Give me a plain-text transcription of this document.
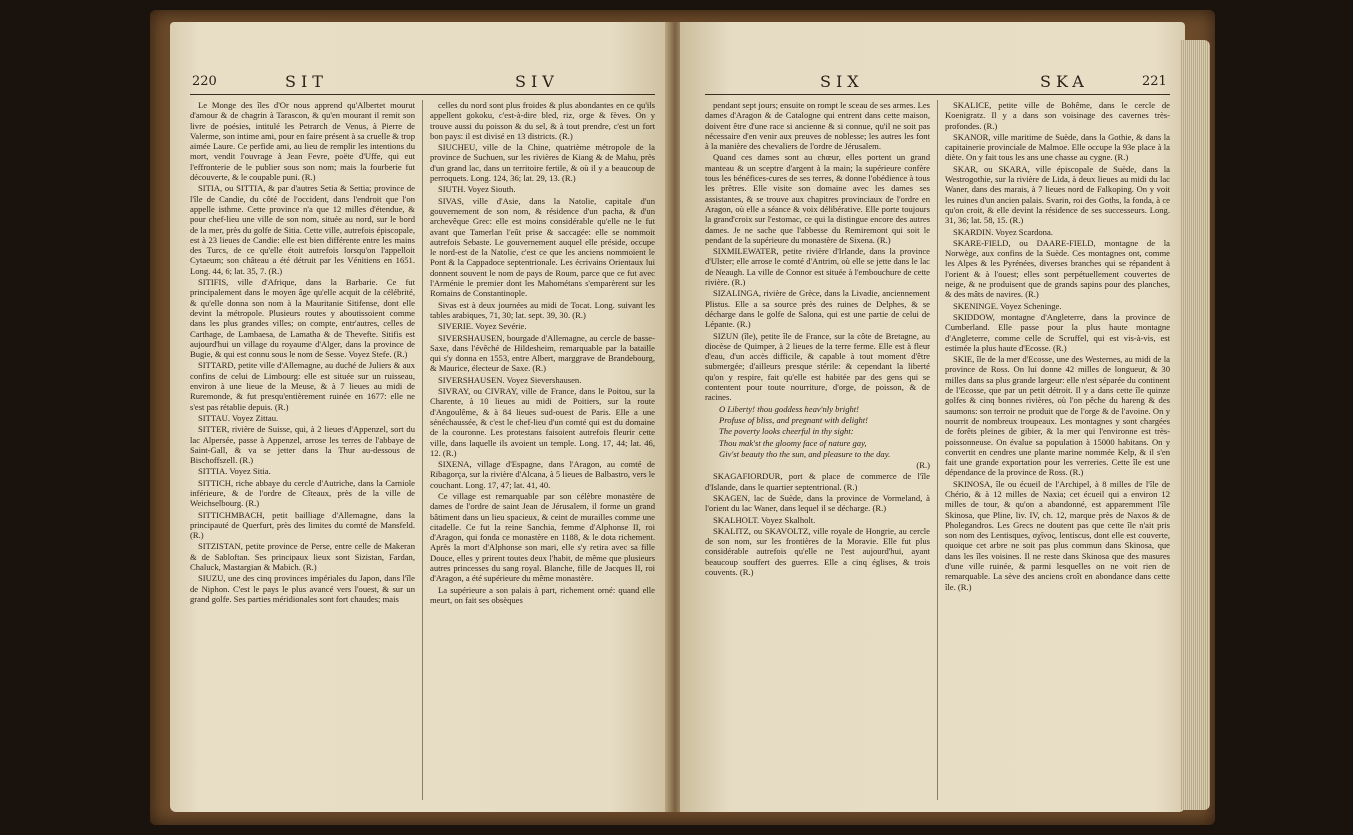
220	SIT	SIV

Le Monge des îles d'Or nous apprend qu'Albertet mourut d'amour & de chagrin à Tarascon, & qu'en mourant il remit son livre de poésies, intitulé les Petrarch de Venus, à Pierre de Valerme, son intime ami, pour en faire présent à sa cruelle & trop aimée Laure. Ce perfide ami, au lieu de remplir les intentions du mort, vendit l'ouvrage à Jean Fevre, poëte d'Uffe, qui eut l'effronterie de le publier sous son nom; mais la fourberie fut découverte, & le coupable puni. (R.)

SITIA, ou SITTIA, & par d'autres Setia & Settia; province de l'île de Candie, du côté de l'occident, dans l'endroit que l'on appelle isthme. Cette province n'a que 12 milles d'étendue, & pour chef-lieu une ville de son nom, située au nord, sur le bord de la mer, près du golfe de Sitia. Cette ville, autrefois épiscopale, est à 23 lieues de Candie: elle est bien différente entre les mains des Turcs, de ce qu'elle étoit autrefois lorsqu'on l'appelloit Cytaeum; son château a été détruit par les Vénitiens en 1651. Long. 44, 6; lat. 35, 7. (R.)

SITIFIS, ville d'Afrique, dans la Barbarie. Ce fut principalement dans le moyen âge qu'elle acquit de la célébrité, & qu'elle donna son nom à la Mauritanie Sitifense, dont elle devint la métropole. Plusieurs routes y aboutissoient comme dans les plus grandes villes; on compte, entr'autres, celles de Carthage, de Lambaesa, de Lamatha & de Thevefte. Sitifis est aujourd'hui un village du royaume d'Alger, dans la province de Bugie, & qui est connu sous le nom de Sesse. Voyez Stefe. (R.)

SITTARD, petite ville d'Allemagne, au duché de Juliers & aux confins de celui de Limbourg: elle est située sur un ruisseau, environ à une lieue de la Meuse, & à 7 lieues au midi de Ruremonde, & fut presqu'entièrement ruinée en 1677: elle ne s'est pas rétablie depuis. (R.)

SITTAU. Voyez Zittau.

SITTER, rivière de Suisse, qui, à 2 lieues d'Appenzel, sort du lac Alpersée, passe à Appenzel, arrose les terres de l'abbaye de Saint-Gall, & va se jetter dans la Thur au-dessous de Bischoffszell. (R.)

SITTIA. Voyez Sitia.

SITTICH, riche abbaye du cercle d'Autriche, dans la Carniole inférieure, & de l'ordre de Cîteaux, près de la ville de Weichselbourg. (R.)

SITTICHMBACH, petit bailliage d'Allemagne, dans la principauté de Querfurt, près des limites du comté de Mansfeld. (R.)

SITZISTAN, petite province de Perse, entre celle de Makeran & de Sabloftan. Ses principaux lieux sont Sizistan, Fardan, Chaluck, Mastargian & Mabich. (R.)

SIUZU, une des cinq provinces impériales du Japon, dans l'île de Niphon. C'est le pays le plus avancé vers l'ouest, & sur un grand golfe. Ses parties méridionales sont fort chaudes; mais

celles du nord sont plus froides & plus abondantes en ce qu'ils appellent gokoku, c'est-à-dire bled, riz, orge & fèves. On y trouve aussi du poisson & du sel, & à tout prendre, c'est un fort bon pays: il est divisé en 13 districts. (R.)

SIUCHEU, ville de la Chine, quatrième métropole de la province de Suchuen, sur les rivières de Kiang & de Mahu, près d'un grand lac, dans un territoire fertile, & où il y a beaucoup de perroquets. Long. 124, 36; lat. 29, 13. (R.)

SIUTH. Voyez Siouth.

SIVAS, ville d'Asie, dans la Natolie, capitale d'un gouvernement de son nom, & résidence d'un pacha, & d'un archevêque Grec: elle est moins considérable qu'elle ne le fut avant que Tamerlan l'eût prise & saccagée: elle se nommoit autrefois Sebaste. Le gouvernement auquel elle préside, occupe le nord-est de la Natolie, c'est ce que les anciens nommoient le Pont & la Cappadoce septentrionale. Les écrivains Orientaux lui donnent souvent le nom de pays de Roum, parce que ce fut avec l'Arménie le premier dont les Mahométans s'emparèrent sur les Romains de Constantinople.

Sivas est à deux journées au midi de Tocat. Long. suivant les tables arabiques, 71, 30; lat. sept. 39, 30. (R.)

SIVERIE. Voyez Sevérie.

SIVERSHAUSEN, bourgade d'Allemagne, au cercle de basse-Saxe, dans l'évêché de Hildesheim, remarquable par la bataille qui s'y donna en 1553, entre Albert, marggrave de Brandebourg, & Maurice, électeur de Saxe. (R.)

SIVERSHAUSEN. Voyez Sievershausen.

SIVRAY, ou CIVRAY, ville de France, dans le Poitou, sur la Charente, à 10 lieues au midi de Poitiers, sur la route d'Angoulême, & à 84 lieues sud-ouest de Paris. Elle a une sénéchaussée, & c'est le chef-lieu d'un comté qui est du domaine de la couronne. Les protestans faisoient autrefois fleurir cette ville, dans laquelle ils avoient un temple. Long. 17, 44; lat. 46, 12. (R.)

SIXENA, village d'Espagne, dans l'Aragon, au comté de Ribagorça, sur la rivière d'Alcana, à 5 lieues de Balbastro, vers le couchant. Long. 17, 47; lat. 41, 40.

Ce village est remarquable par son célèbre monastère de dames de l'ordre de saint Jean de Jérusalem, il forme un grand bâtiment dans un lieu spacieux, & ceint de murailles comme une citadelle. Ce fut la reine Sanchia, femme d'Alphonse II, roi d'Aragon, qui fonda ce monastère en 1188, & le dota richement. Après la mort d'Alphonse son mari, elle s'y retira avec sa fille Douce, elles y prirent toutes deux l'habit, de même que plusieurs autres princesses du sang royal. Blanche, fille de Jacques II, roi d'Aragon, a été supérieure du même monastère.

La supérieure a son palais à part, richement orné: quand elle meurt, on fait ses obsèques

SIX	SKA	221

pendant sept jours; ensuite on rompt le sceau de ses armes. Les dames d'Aragon & de Catalogne qui entrent dans cette maison, doivent être d'une race si ancienne & si connue, qu'il ne soit pas nécessaire d'en venir aux preuves de noblesse; les autres les font à la manière des chevaliers de l'ordre de Jérusalem.

Quand ces dames sont au chœur, elles portent un grand manteau & un sceptre d'argent à la main; la supérieure confère tous les bénéfices-cures de ses terres, & donne l'obédience à tous les prêtres. Elle visite son domaine avec les dames ses assistantes, & se trouve aux chapitres provinciaux de l'ordre en Aragon, où elle a séance & voix délibérative. Elle porte toujours la grand'croix sur l'estomac, ce qui la distingue encore des autres dames. Je ne sache que l'abbesse du Remiremont qui soit le pendant de la supérieure du monastère de Sixena. (R.)

SIXMILEWATER, petite rivière d'Irlande, dans la province d'Ulster; elle arrose le comté d'Antrim, où elle se jette dans le lac de Neaugh. La ville de Connor est située à l'embouchure de cette rivière. (R.)

SIZALINGA, rivière de Grèce, dans la Livadie, anciennement Plistus. Elle a sa source près des ruines de Delphes, & se décharge dans le golfe de Salona, qui est une partie de celui de Lépante. (R.)

SIZUN (île), petite île de France, sur la côte de Bretagne, au diocèse de Quimper, à 2 lieues de la terre ferme. Elle est à fleur d'eau, d'un accès difficile, & capable à tout moment d'être submergée; d'ailleurs presque stérile: & cependant la liberté qu'on y respire, fait qu'elle est habitée par des gens qui se contentent pour toute nourriture, d'orge, de poisson, & de racines.

O Liberty! thou goddess heav'nly bright!

Profuse of bliss, and pregnant with delight!

The poverty looks cheerful in thy sight:

Thou mak'st the gloomy face of nature gay,

Giv'st beauty tho the sun, and pleasure to the day.

(R.)

SKAGAFIORDUR, port & place de commerce de l'île d'Islande, dans le quartier septentrional. (R.)

SKAGEN, lac de Suède, dans la province de Vormeland, à l'orient du lac Waner, dans lequel il se décharge. (R.)

SKALHOLT. Voyez Skalholt.

SKALITZ, ou SKAVOLTZ, ville royale de Hongrie, au cercle de son nom, sur les frontières de la Moravie. Elle fut plus considérable autrefois qu'elle ne l'est aujourd'hui, ayant beaucoup souffert des guerres. Elle a cinq églises, & trois couvents. (R.)

SKALICE, petite ville de Bohême, dans le cercle de Koenigratz. Il y a dans son voisinage des cavernes très-profondes. (R.)

SKANOR, ville maritime de Suède, dans la Gothie, & dans la capitainerie provinciale de Malmoe. Elle occupe la 93e place à la diète. On y fait tous les ans une chasse au cygne. (R.)

SKAR, ou SKARA, ville épiscopale de Suède, dans la Westrogothie, sur la rivière de Lida, à deux lieues au midi du lac Waner, dans des marais, à 7 lieues nord de Falkoping. On y voit les ruines d'un ancien palais. Svarin, roi des Goths, la fonda, à ce qu'on croit, & elle devint la résidence de ses successeurs. Long. 31, 36; lat. 58, 15. (R.)

SKARDIN. Voyez Scardona.

SKARE-FIELD, ou DAARE-FIELD, montagne de la Norwège, aux confins de la Suède. Ces montagnes ont, comme les Alpes & les Pyrénées, diverses branches qui se répandent à l'orient & à l'ouest; elles sont perpétuellement couvertes de neige, & ne produisent que de grands sapins pour des planches, & des mâts de navires. (R.)

SKENINGE. Voyez Scheninge.

SKIDDOW, montagne d'Angleterre, dans la province de Cumberland. Elle passe pour la plus haute montagne d'Angleterre, comme celle de Scruffel, qui est vis-à-vis, est estimée la plus haute d'Ecosse. (R.)

SKIE, île de la mer d'Ecosse, une des Westernes, au midi de la province de Ross. On lui donne 42 milles de longueur, & 30 milles dans sa plus grande largeur: elle n'est séparée du continent de l'Ecosse, que par un petit détroit. Il y a dans cette île quinze golfes & cinq bonnes rivières, où l'on pêche du hareng & des saumons: son terroir ne produit que de l'orge & de l'avoine. On y nourrit de nombreux troupeaux. Les montagnes y sont chargées de forêts pleines de gibier, & la mer qui l'environne est très-poissonneuse. On évalue sa population à 15000 habitans. On y convertit en cendres une plante marine nommée Kelp, & il s'en fait une grande exportation pour les verreries. Cette île est une dépendance de la province de Ross. (R.)

SKINOSA, île ou écueil de l'Archipel, à 8 milles de l'île de Chério, & à 12 milles de Naxia; cet écueil qui a environ 12 milles de tour, & qu'on a abandonné, est apparemment l'île Skinosa, que Pline, liv. IV, ch. 12, marque près de Naxos & de Pholegandros. Les Grecs ne doutent pas que cette île n'ait pris son nom des Lentisques, σχῖνος, lentiscus, dont elle est couverte, quoique cet arbre ne soit pas plus commun dans Skinosa, que dans les îles voisines. Il ne reste dans Skinosa que des masures d'une ville ruinée, & parmi lesquelles on ne voit rien de remarquable. La sève des anciens croît en abondance dans cette île. (R.)
